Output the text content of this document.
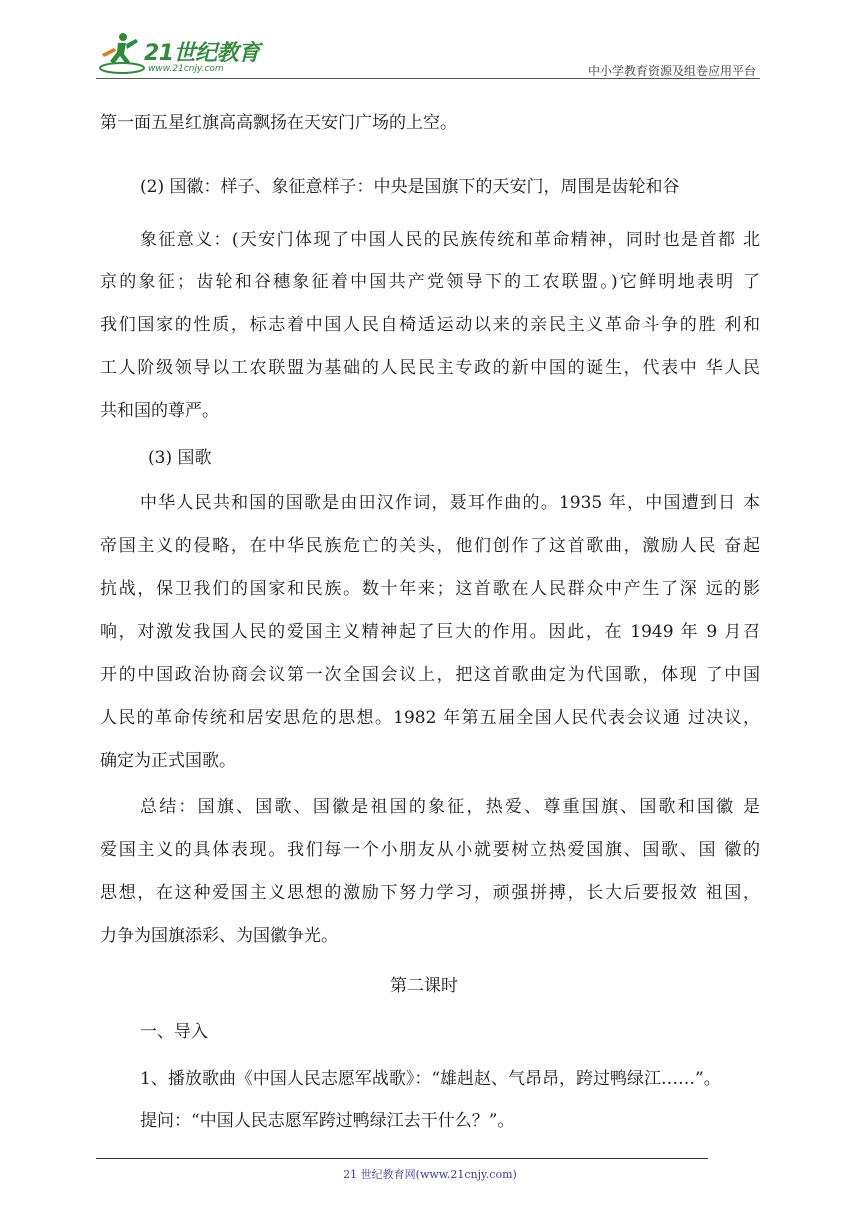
21世纪教育
www.21cnjy.com	中小学教育资源及组卷应用平台
第一面五星红旗高高飘扬在天安门广场的上空。
(2) 国徽：样子、象征意样子：中央是国旗下的天安门，周围是齿轮和谷
象征意义：(天安门体现了中国人民的民族传统和革命精神，同时也是首都 北
京的象征；齿轮和谷穗象征着中国共产党领导下的工农联盟。)它鲜明地表明 了
我们国家的性质，标志着中国人民自椅适运动以来的亲民主义革命斗争的胜 利和
工人阶级领导以工农联盟为基础的人民民主专政的新中国的诞生，代表中 华人民
共和国的尊严。
(3) 国歌
中华人民共和国的国歌是由田汉作词，聂耳作曲的。1935 年，中国遭到日 本
帝国主义的侵略，在中华民族危亡的关头，他们创作了这首歌曲，激励人民 奋起
抗战，保卫我们的国家和民族。数十年来；这首歌在人民群众中产生了深 远的影
响，对激发我国人民的爱国主义精神起了巨大的作用。因此，在 1949 年 9 月召
开的中国政治协商会议第一次全国会议上，把这首歌曲定为代国歌，体现 了中国
人民的革命传统和居安思危的思想。1982 年第五届全国人民代表会议通 过决议，
确定为正式国歌。
总结：国旗、国歌、国徽是祖国的象征，热爱、尊重国旗、国歌和国徽 是
爱国主义的具体表现。我们每一个小朋友从小就要树立热爱国旗、国歌、国 徽的
思想，在这种爱国主义思想的激励下努力学习，顽强拼搏，长大后要报效 祖国，
力争为国旗添彩、为国徽争光。
第二课时
一、导入
1、播放歌曲《中国人民志愿军战歌》：“雄赳赵、气昂昂，跨过鸭绿江……”。
提问：“中国人民志愿军跨过鸭绿江去干什么？”。
21 世纪教育网(www.21cnjy.com)
